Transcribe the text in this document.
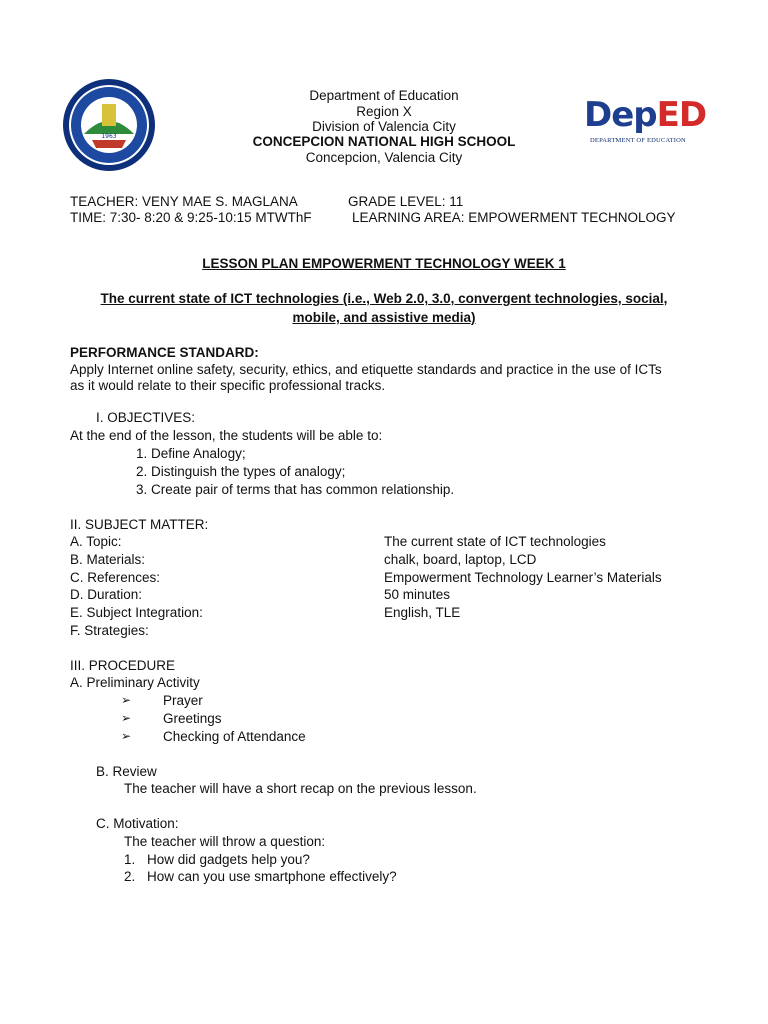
1963
DepED
DEPARTMENT OF EDUCATION
Department of Education
Region X
Division of Valencia City
CONCEPCION NATIONAL HIGH SCHOOL
Concepcion, Valencia City
TEACHER: VENY MAE S. MAGLANA	GRADE LEVEL: 11
TIME: 7:30- 8:20 & 9:25-10:15 MTWThF	LEARNING AREA: EMPOWERMENT TECHNOLOGY
LESSON PLAN EMPOWERMENT TECHNOLOGY WEEK 1
The current state of ICT technologies (i.e., Web 2.0, 3.0, convergent technologies, social,
mobile, and assistive media)
PERFORMANCE STANDARD:
Apply Internet online safety, security, ethics, and etiquette standards and practice in the use of ICTs
as it would relate to their specific professional tracks.
I. OBJECTIVES:
At the end of the lesson, the students will be able to:
1. Define Analogy;
2. Distinguish the types of analogy;
3. Create pair of terms that has common relationship.
II. SUBJECT MATTER:
A. Topic:	The current state of ICT technologies
B. Materials:	chalk, board, laptop, LCD
C. References:	Empowerment Technology Learner’s Materials
D. Duration:	50 minutes
E. Subject Integration:	English, TLE
F. Strategies:
III. PROCEDURE
A. Preliminary Activity
➢ Prayer
➢ Greetings
➢ Checking of Attendance
B. Review
The teacher will have a short recap on the previous lesson.
C. Motivation:
The teacher will throw a question:
1. How did gadgets help you?
2. How can you use smartphone effectively?
